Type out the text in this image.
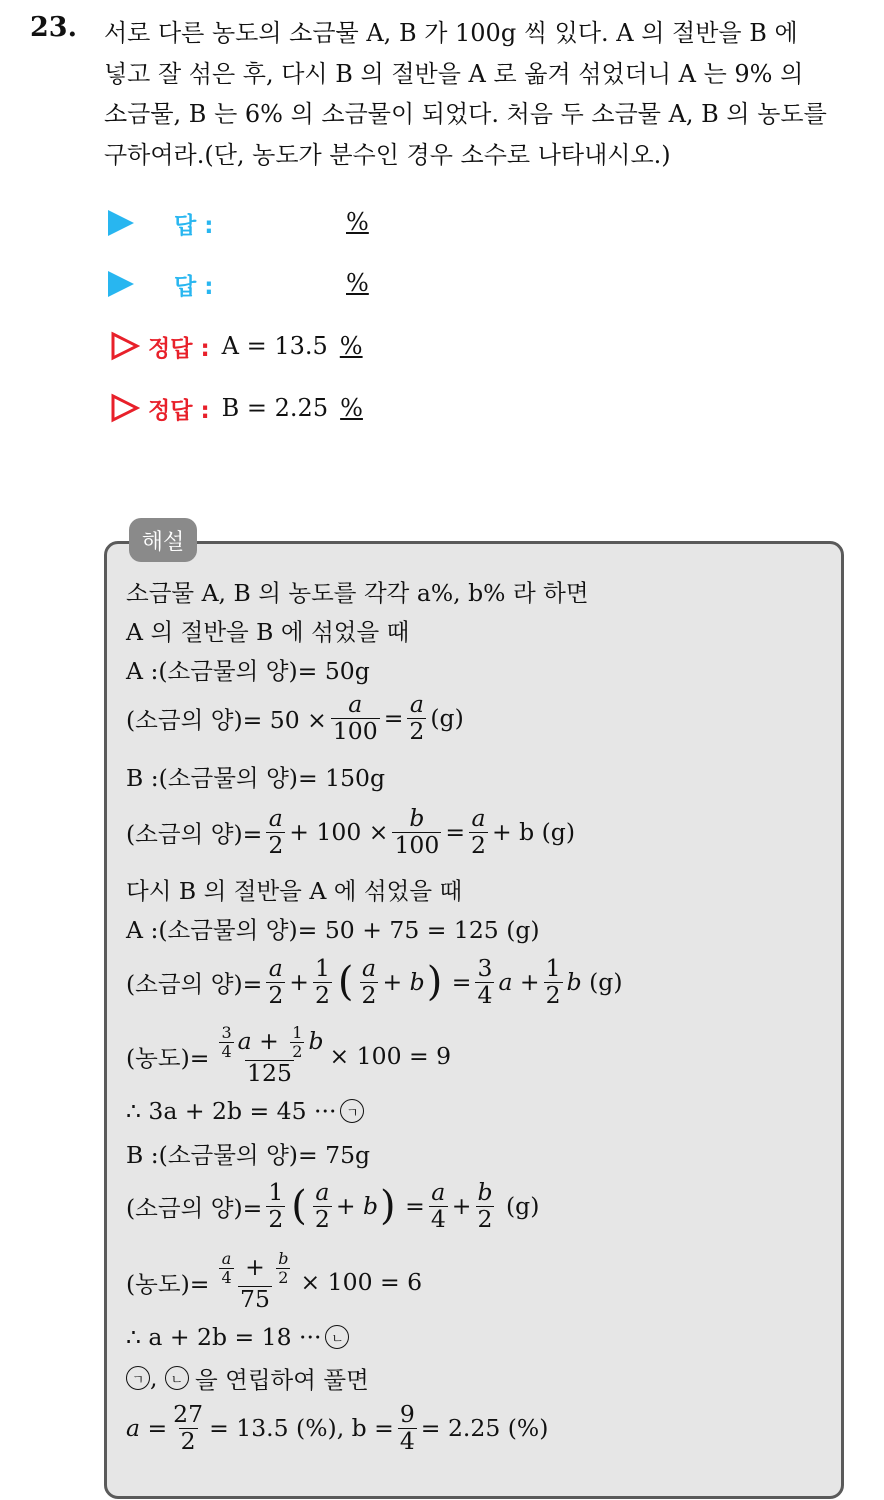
23. 서로 다른 농도의 소금물 A, B 가 100g 씩 있다. A 의 절반을 B 에
넣고 잘 섞은 후, 다시 B 의 절반을 A 로 옮겨 섞었더니 A 는 9% 의
소금물, B 는 6% 의 소금물이 되었다. 처음 두 소금물 A, B 의 농도를
구하여라.(단, 농도가 분수인 경우 소수로 나타내시오.)
답 :	%
답 :	%
정답 : A = 13.5 %
정답 : B = 2.25 %
해설
소금물 A, B 의 농도를 각각 a%, b% 라 하면
A 의 절반을 B 에 섞었을 때
A :(소금물의 양)= 50g
(소금의 양)= $50 \times \frac{a}{100} = \frac{a}{2} (g)$
B :(소금물의 양)= 150g
(소금의 양)= $\frac{a}{2} + 100 \times \frac{b}{100} = \frac{a}{2} + b$ (g)
다시 B 의 절반을 A 에 섞었을 때
A :(소금물의 양)= 50 + 75 = 125 (g)
(소금의 양)= $\frac{a}{2} + \frac{1}{2}$ ( $\frac{a}{2} + b$ ) = $\frac{3}{4}$ $a + \frac{1}{2}$ b
(g)
(농도)= $\frac{\frac{3}{4} a + \frac{1}{2} b}{125} \times 100 = 9$
∴ 3a + 2b = 45 ··· ㄱ
B :(소금물의 양)= 75g
(소금의 양)= $\frac{1}{2}$ ( $\frac{a}{2} + b$ ) = $\frac{a}{4} + \frac{b}{2}$
(g)
(농도)= $\frac{\frac{a}{4} + \frac{b}{2}}{75} \times 100 = 6$
∴ a + 2b = 18 ··· ㄴ
ㄱ , ㄴ 을 연립하여 풀면
$a = \frac{27}{2} = 13.5$ (%), $b = \frac{9}{4} = 2.25$ (%)
